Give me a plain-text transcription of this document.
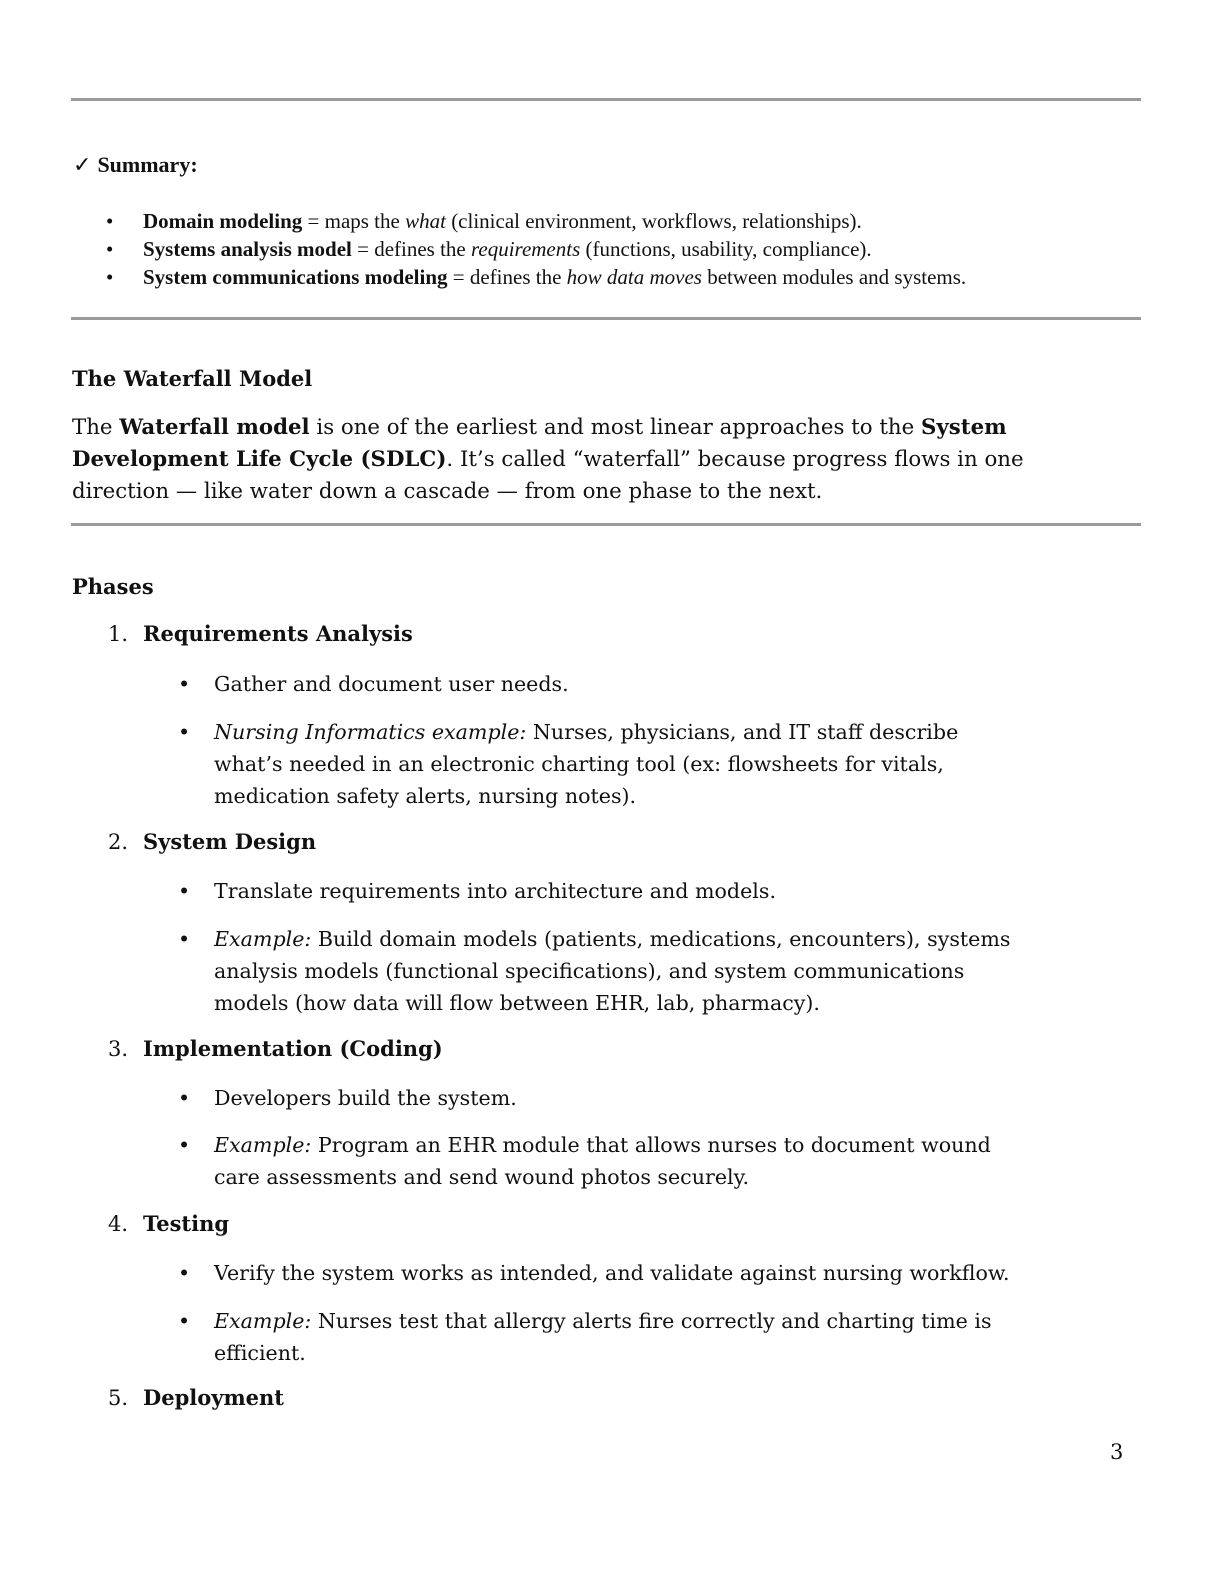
✓ Summary:
• Domain modeling = maps the what (clinical environment, workflows, relationships).
• Systems analysis model = defines the requirements (functions, usability, compliance).
• System communications modeling = defines the how data moves between modules and systems.
The Waterfall Model
The Waterfall model is one of the earliest and most linear approaches to the System
Development Life Cycle (SDLC). It’s called “waterfall” because progress flows in one
direction — like water down a cascade — from one phase to the next.
Phases
1. Requirements Analysis
• Gather and document user needs.
• Nursing Informatics example: Nurses, physicians, and IT staff describe
what’s needed in an electronic charting tool (ex: flowsheets for vitals,
medication safety alerts, nursing notes).
2. System Design
• Translate requirements into architecture and models.
• Example: Build domain models (patients, medications, encounters), systems
analysis models (functional specifications), and system communications
models (how data will flow between EHR, lab, pharmacy).
3. Implementation (Coding)
• Developers build the system.
• Example: Program an EHR module that allows nurses to document wound
care assessments and send wound photos securely.
4. Testing
• Verify the system works as intended, and validate against nursing workflow.
• Example: Nurses test that allergy alerts fire correctly and charting time is
efficient.
5. Deployment
3
